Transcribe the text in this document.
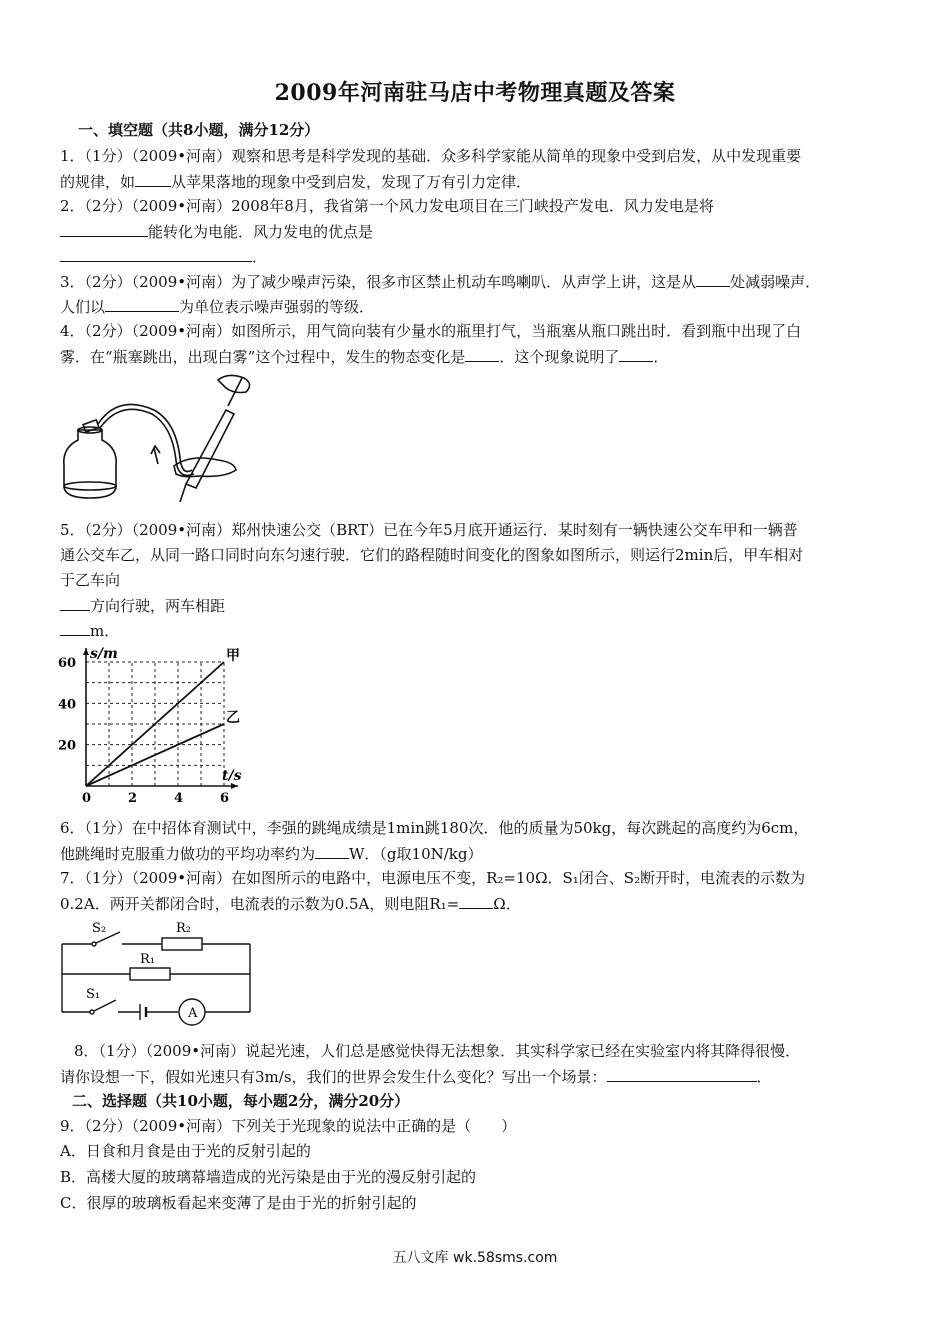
2009年河南驻马店中考物理真题及答案
一、填空题（共8小题，满分12分）
1．（1分）（2009•河南）观察和思考是科学发现的基础．众多科学家能从简单的现象中受到启发，从中发现重要
的规律，如 从苹果落地的现象中受到启发，发现了万有引力定律．
2．（2分）（2009•河南）2008年8月，我省第一个风力发电项目在三门峡投产发电．风力发电是将
能转化为电能．风力发电的优点是
．
3．（2分）（2009•河南）为了减少噪声污染，很多市区禁止机动车鸣喇叭．从声学上讲，这是从 处减弱噪声．
人们以	为单位表示噪声强弱的等级．
4．（2分）（2009•河南）如图所示，用气筒向装有少量水的瓶里打气，当瓶塞从瓶口跳出时．看到瓶中出现了白
雾．在“瓶塞跳出，出现白雾”这个过程中，发生的物态变化是 ．这个现象说明了 ．
5．（2分）（2009•河南）郑州快速公交（BRT）已在今年5月底开通运行．某时刻有一辆快速公交车甲和一辆普
通公交车乙，从同一路口同时向东匀速行驶．它们的路程随时间变化的图象如图所示，则运行2min后，甲车相对
于乙车向
方向行驶，两车相距
m．
甲
乙
0	2	4	6
20
40
60
s/m
t/s
6．（1分）在中招体育测试中，李强的跳绳成绩是1min跳180次．他的质量为50kg，每次跳起的高度约为6cm，
他跳绳时克服重力做功的平均功率约为 W．（g取10N/kg）
7．（1分）（2009•河南）在如图所示的电路中，电源电压不变，R₂=10Ω．S₁闭合、S₂断开时，电流表的示数为
0.2A．两开关都闭合时，电流表的示数为0.5A，则电阻R₁= Ω．
S₂	R₂
R₁
S₁
A
8．（1分）（2009•河南）说起光速，人们总是感觉快得无法想象．其实科学家已经在实验室内将其降得很慢．
请你设想一下，假如光速只有3m/s，我们的世界会发生什么变化？写出一个场景：	．
二、选择题（共10小题，每小题2分，满分20分）
9．（2分）（2009•河南）下列关于光现象的说法中正确的是（　　）
A．日食和月食是由于光的反射引起的
B．高楼大厦的玻璃幕墙造成的光污染是由于光的漫反射引起的
C．很厚的玻璃板看起来变薄了是由于光的折射引起的
五八文库 wk.58sms.com
